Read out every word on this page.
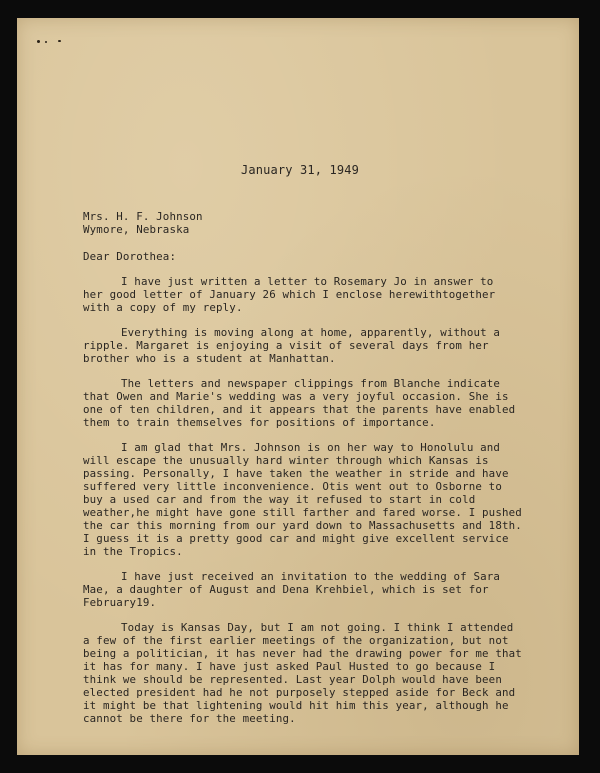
January 31, 1949
Mrs. H. F. Johnson
Wymore, Nebraska
Dear Dorothea:
I have just written a letter to Rosemary Jo in answer to
her good letter of January 26 which I enclose herewithtogether
with a copy of my reply.
Everything is moving along at home, apparently, without a
ripple. Margaret is enjoying a visit of several days from her
brother who is a student at Manhattan.
The letters and newspaper clippings from Blanche indicate
that Owen and Marie's wedding was a very joyful occasion. She is
one of ten children, and it appears that the parents have enabled
them to train themselves for positions of importance.
I am glad that Mrs. Johnson is on her way to Honolulu and
will escape the unusually hard winter through which Kansas is
passing. Personally, I have taken the weather in stride and have
suffered very little inconvenience. Otis went out to Osborne to
buy a used car and from the way it refused to start in cold
weather,he might have gone still farther and fared worse. I pushed
the car this morning from our yard down to Massachusetts and 18th.
I guess it is a pretty good car and might give excellent service
in the Tropics.
I have just received an invitation to the wedding of Sara
Mae, a daughter of August and Dena Krehbiel, which is set for
February19.
Today is Kansas Day, but I am not going. I think I attended
a few of the first earlier meetings of the organization, but not
being a politician, it has never had the drawing power for me that
it has for many. I have just asked Paul Husted to go because I
think we should be represented. Last year Dolph would have been
elected president had he not purposely stepped aside for Beck and
it might be that lightening would hit him this year, although he
cannot be there for the meeting.
